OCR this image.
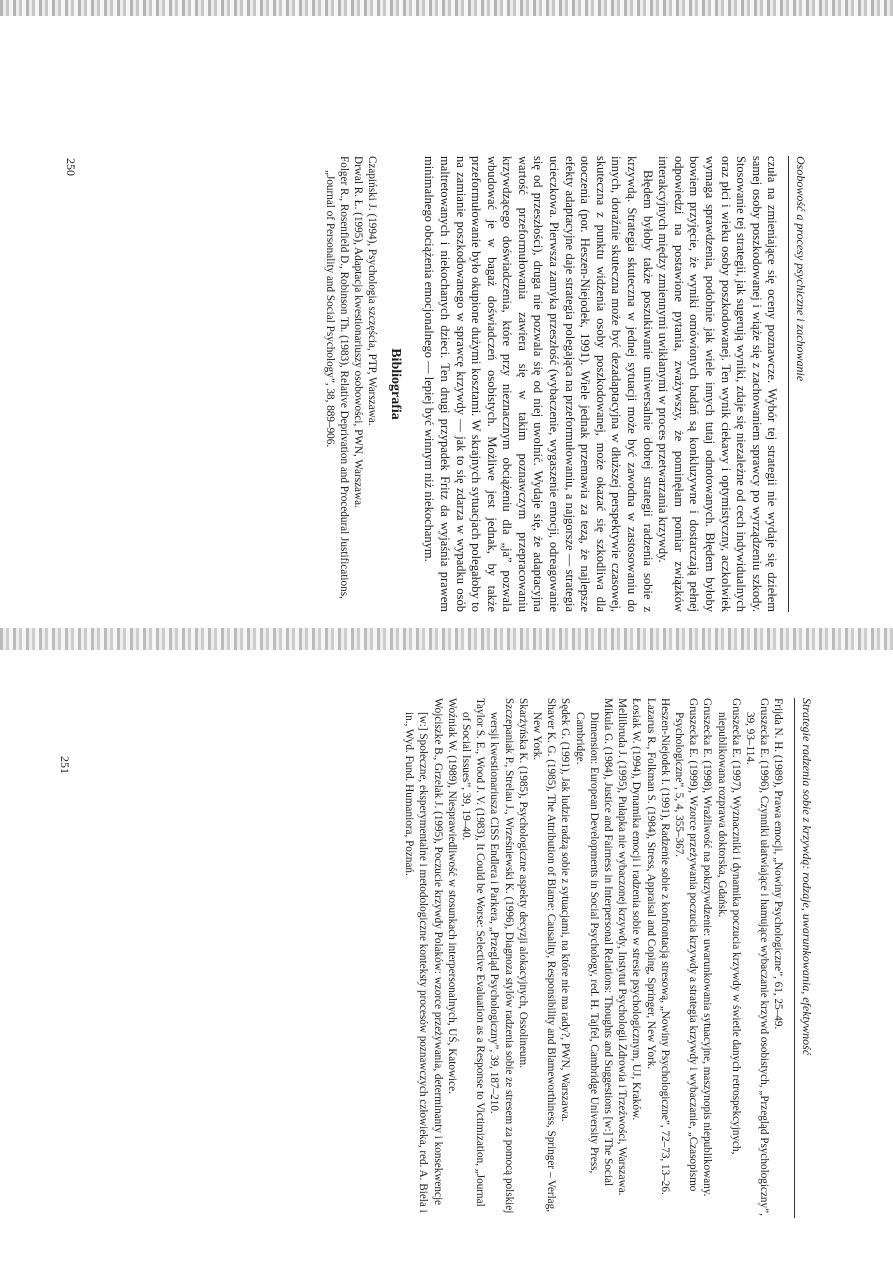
Osobowość a procesy psychiczne i zachowanie

czuła na zmieniające się oceny poznawcze. Wybór tej strategii nie wydaje się dziełem samej osoby poszkodowanej i wiąże się z zachowaniem sprawcy po wyrządzeniu szkody. Stosowanie tej strategii, jak sugerują wyniki, zdaje się niezależne od cech indywidualnych oraz płci i wieku osoby poszkodowanej. Ten wynik ciekawy i optymistyczny, aczkolwiek wymaga sprawdzenia, podobnie jak wiele innych tutaj odnotowanych. Błędem byłoby bowiem przyjęcie, że wyniki omówionych badań są konkluzywne i dostarczają pełnej odpowiedzi na postawione pytania, zważywszy, że pominęłam pomiar związków interakcyjnych między zmiennymi uwikłanymi w proces przetwarzania krzywdy.

Błędem byłoby także poszukiwanie uniwersalnie dobrej strategii radzenia sobie z krzywdą. Strategia skuteczna w jednej sytuacji może być zawodna w zastosowaniu do innych, doraźnie skuteczna może być dezadaptacyjna w dłuższej perspektywie czasowej, skuteczna z punktu widzenia osoby poszkodowanej, może okazać się szkodliwa dla otoczenia (por. Heszen-Niejodek, 1991). Wiele jednak przemawia za tezą, że najlepsze efekty adaptacyjne daje strategia polegająca na przeformułowaniu, a najgorsze — strategia ucieczkowa. Pierwsza zamyka przeszłość (wybaczenie, wygaszenie emocji, odreagowanie się od przeszłości), druga nie pozwala się od niej uwolnić. Wydaje się, że adaptacyjna wartość przeformułowania zawiera się w takim poznawczym przepracowaniu krzywdzącego doświadczenia, które przy nieznacznym obciążeniu dla „ja” pozwala wbudować je w bagaż doświadczeń osobistych. Możliwe jest jednak, by także przeformułowanie było okupione dużymi kosztami. W skrajnych sytuacjach polegałoby to na zamianie poszkodowanego w sprawcę krzywdy — jak to się zdarza w wypadku osób maltretowanych i niekochanych dzieci. Ten drugi przypadek Fritz da wyjaśnia prawem minimalnego obciążenia emocjonalnego — lepiej być winnym niż niekochanym.

Bibliografia

Czapiński J. (1994), Psychologia szczęścia, PTP, Warszawa.

Drwal R. Ł. (1995), Adaptacja kwestionariuszy osobowości, PWN, Warszawa.

Folger R., Rosenfield D., Robinson Th. (1983), Relative Deprivation and Procedural Justifications, „Journal of Personality and Social Psychology”, 38, 889–906.

250
Strategie radzenia sobie z krzywdą: rodzaje, uwarunkowania, efektywność

Frijda N. H. (1989), Prawa emocji, „Nowiny Psychologiczne”, 61, 25–49.

Gruszecka E. (1996), Czynniki ułatwiające i hamujące wybaczanie krzywd osobistych, „Przegląd Psychologiczny”, 39, 93–114.

Gruszecka E. (1997), Wyznaczniki i dynamika poczucia krzywdy w świetle danych retrospekcyjnych, niepublikowana rozprawa doktorska, Gdańsk.

Gruszecka E. (1998), Wrażliwość na pokrzywdzenie: uwarunkowania sytuacyjne, maszynopis niepublikowany.

Gruszecka E. (1999), Wzorce przeżywania poczucia krzywdy a strategia krzywdy i wybaczanie, „Czasopismo Psychologiczne”, 5, 4, 355–367.

Heszen-Niejodek I. (1991), Radzenie sobie z konfrontacją stresową, „Nowiny Psychologiczne”, 72–73, 13–26.

Lazarus R., Folkman S. (1984), Stress, Appraisal and Coping, Springer, New York.

Łosiak W. (1994), Dynamika emocji i radzenia sobie w stresie psychologicznym, UJ, Kraków.

Mellibruda J. (1995), Pułapka nie wybaczonej krzywdy, Instytut Psychologii Zdrowia i Trzeźwości, Warszawa.

Mikula G. (1984), Justice and Fairness in Interpersonal Relations: Thoughts and Suggestions [w:] The Social Dimension: European Developments in Social Psychology, red. H. Tajfel, Cambridge University Press, Cambridge.

Sędek G. (1991), Jak ludzie radzą sobie z sytuacjami, na które nie ma rady?, PWN, Warszawa.

Shaver K. G. (1985), The Attribution of Blame: Causality, Responsibility and Blameworthiness, Springer – Verlag, New York.

Skarżyńska K. (1985), Psychologiczne aspekty decyzji alokacyjnych, Ossolineum.

Szczepaniak P., Strelau J., Wrześniewski K. (1996), Diagnoza stylów radzenia sobie ze stresem za pomocą polskiej wersji kwestionariusza CISS Endlera i Parkera, „Przegląd Psychologiczny”, 39, 187–210.

Taylor S. E., Wood J. V. (1983), It Could be Worse: Selective Evaluation as a Response to Victimization, „Journal of Social Issues”, 39, 19–40.

Woźniak W. (1989), Niesprawiedliwość w stosunkach interpersonalnych, UŚ, Katowice.

Wojciszke B., Grzelak J. (1995), Poczucie krzywdy Polaków: wzorce przeżywania, determinanty i konsekwencje [w:] Społeczne, eksperymentalne i metodologiczne konteksty procesów poznawczych człowieka, red. A. Biela i in., Wyd. Fund. Humaniora, Poznań.

251
